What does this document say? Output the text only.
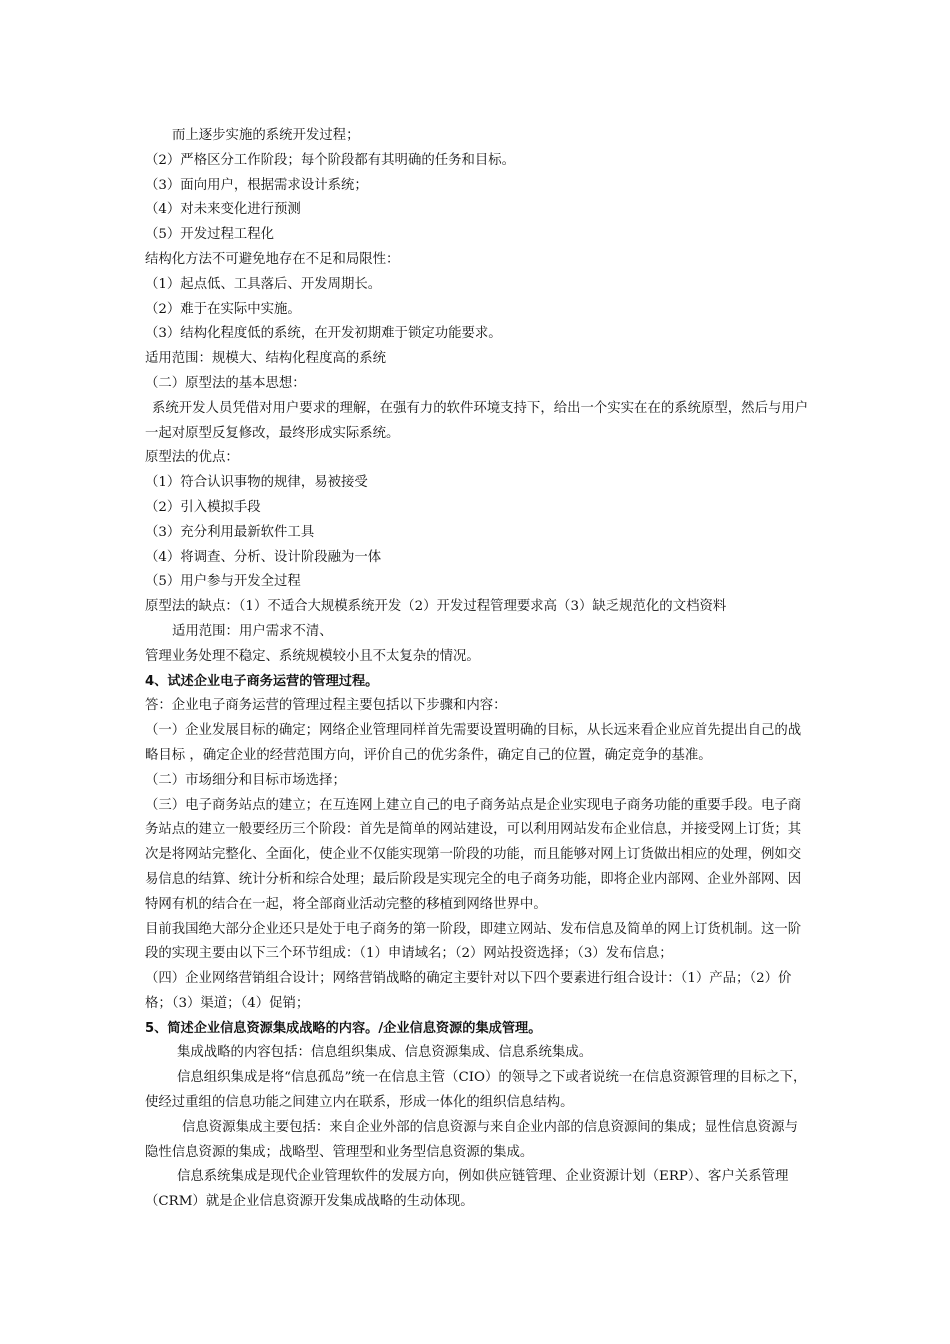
而上逐步实施的系统开发过程；

（2）严格区分工作阶段；每个阶段都有其明确的任务和目标。

（3）面向用户，根据需求设计系统；

（4）对未来变化进行预测

（5）开发过程工程化

结构化方法不可避免地存在不足和局限性：

（1）起点低、工具落后、开发周期长。

（2）难于在实际中实施。

（3）结构化程度低的系统，在开发初期难于锁定功能要求。

适用范围：规模大、结构化程度高的系统

（二）原型法的基本思想：

系统开发人员凭借对用户要求的理解，在强有力的软件环境支持下，给出一个实实在在的系统原型，然后与用户一起对原型反复修改，最终形成实际系统。

原型法的优点：

（1）符合认识事物的规律，易被接受

（2）引入模拟手段

（3）充分利用最新软件工具

（4）将调查、分析、设计阶段融为一体

（5）用户参与开发全过程

原型法的缺点：（1）不适合大规模系统开发（2）开发过程管理要求高（3）缺乏规范化的文档资料

适用范围：用户需求不清、

管理业务处理不稳定、系统规模较小且不太复杂的情况。

4、试述企业电子商务运营的管理过程。

答：企业电子商务运营的管理过程主要包括以下步骤和内容：

（一）企业发展目标的确定；网络企业管理同样首先需要设置明确的目标，从长远来看企业应首先提出自己的战略目标 ，确定企业的经营范围方向，评价自己的优劣条件，确定自己的位置，确定竞争的基准。

（二）市场细分和目标市场选择；

（三）电子商务站点的建立；在互连网上建立自己的电子商务站点是企业实现电子商务功能的重要手段。电子商务站点的建立一般要经历三个阶段：首先是简单的网站建设，可以利用网站发布企业信息，并接受网上订货；其次是将网站完整化、全面化，使企业不仅能实现第一阶段的功能，而且能够对网上订货做出相应的处理，例如交易信息的结算、统计分析和综合处理；最后阶段是实现完全的电子商务功能，即将企业内部网、企业外部网、因特网有机的结合在一起，将全部商业活动完整的移植到网络世界中。

目前我国绝大部分企业还只是处于电子商务的第一阶段，即建立网站、发布信息及简单的网上订货机制。这一阶段的实现主要由以下三个环节组成：（1）申请域名；（2）网站投资选择；（3）发布信息；

（四）企业网络营销组合设计；网络营销战略的确定主要针对以下四个要素进行组合设计：（1）产品；（2）价格；（3）渠道；（4）促销；

5、简述企业信息资源集成战略的内容。/企业信息资源的集成管理。

集成战略的内容包括：信息组织集成、信息资源集成、信息系统集成。

信息组织集成是将“信息孤岛”统一在信息主管（CIO）的领导之下或者说统一在信息资源管理的目标之下，使经过重组的信息功能之间建立内在联系，形成一体化的组织信息结构。

信息资源集成主要包括：来自企业外部的信息资源与来自企业内部的信息资源间的集成；显性信息资源与隐性信息资源的集成；战略型、管理型和业务型信息资源的集成。

信息系统集成是现代企业管理软件的发展方向，例如供应链管理、企业资源计划（ERP）、客户关系管理（CRM）就是企业信息资源开发集成战略的生动体现。
